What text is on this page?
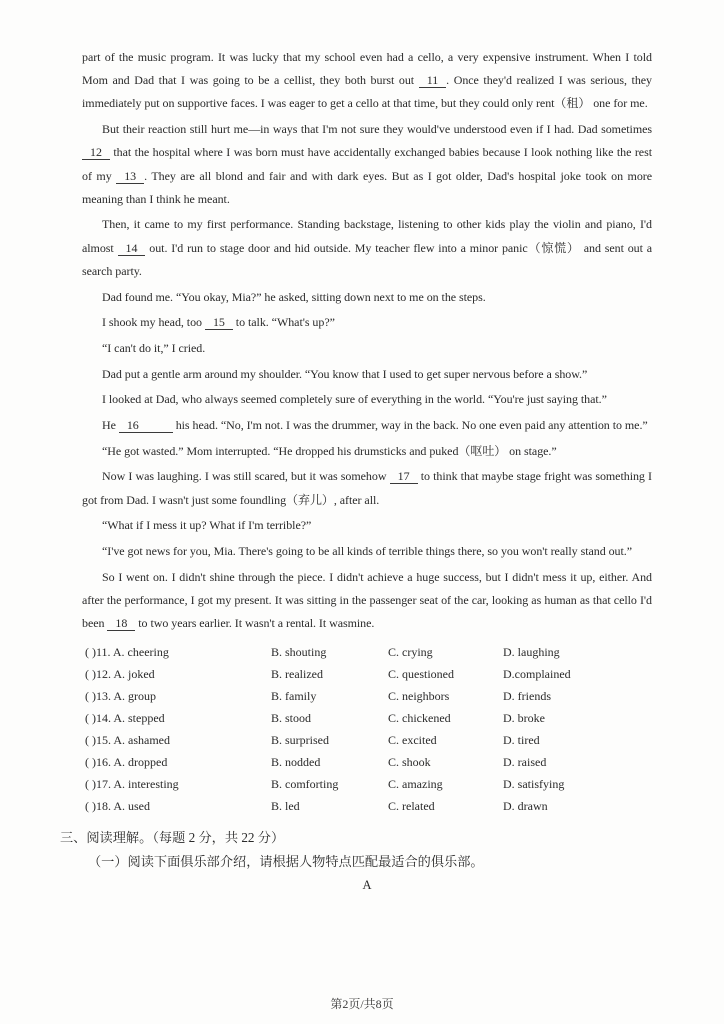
part of the music program. It was lucky that my school even had a cello, a very expensive instrument. When I told Mom and Dad that I was going to be a cellist, they both burst out 11 . Once they'd realized I was serious, they immediately put on supportive faces. I was eager to get a cello at that time, but they could only rent（租） one for me.

But their reaction still hurt me—in ways that I'm not sure they would've understood even if I had. Dad sometimes 12 that the hospital where I was born must have accidentally exchanged babies because I look nothing like the rest of my 13 . They are all blond and fair and with dark eyes. But as I got older, Dad's hospital joke took on more meaning than I think he meant.

Then, it came to my first performance. Standing backstage, listening to other kids play the violin and piano, I'd almost 14 out. I'd run to stage door and hid outside. My teacher flew into a minor panic（惊慌） and sent out a search party.

Dad found me. “You okay, Mia?” he asked, sitting down next to me on the steps.

I shook my head, too 15 to talk. “What's up?”

“I can't do it,” I cried.

Dad put a gentle arm around my shoulder. “You know that I used to get super nervous before a show.”

I looked at Dad, who always seemed completely sure of everything in the world. “You're just saying that.”

He 16	his head. “No, I'm not. I was the drummer, way in the back. No one even paid any attention to me.”

“He got wasted.” Mom interrupted. “He dropped his drumsticks and puked（呕吐） on stage.”

Now I was laughing. I was still scared, but it was somehow 17 to think that maybe stage fright was something I got from Dad. I wasn't just some foundling（弃儿）, after all.

“What if I mess it up? What if I'm terrible?”

“I've got news for you, Mia. There's going to be all kinds of terrible things there, so you won't really stand out.”

So I went on. I didn't shine through the piece. I didn't achieve a huge success, but I didn't mess it up, either. And after the performance, I got my present. It was sitting in the passenger seat of the car, looking as human as that cello I'd been 18 to two years earlier. It wasn't a rental. It wasmine.

( )11. A. cheering	B. shouting	C. crying	D. laughing
( )12. A. joked	B. realized	C. questioned	D.complained
( )13. A. group	B. family	C. neighbors	D. friends
( )14. A. stepped	B. stood	C. chickened	D. broke
( )15. A. ashamed	B. surprised	C. excited	D. tired
( )16. A. dropped	B. nodded	C. shook	D. raised
( )17. A. interesting	B. comforting	C. amazing	D. satisfying
( )18. A. used	B. led	C. related	D. drawn
三、阅读理解。（每题 2 分，共 22 分）
（一）阅读下面俱乐部介绍，请根据人物特点匹配最适合的俱乐部。
A
第2页/共8页
